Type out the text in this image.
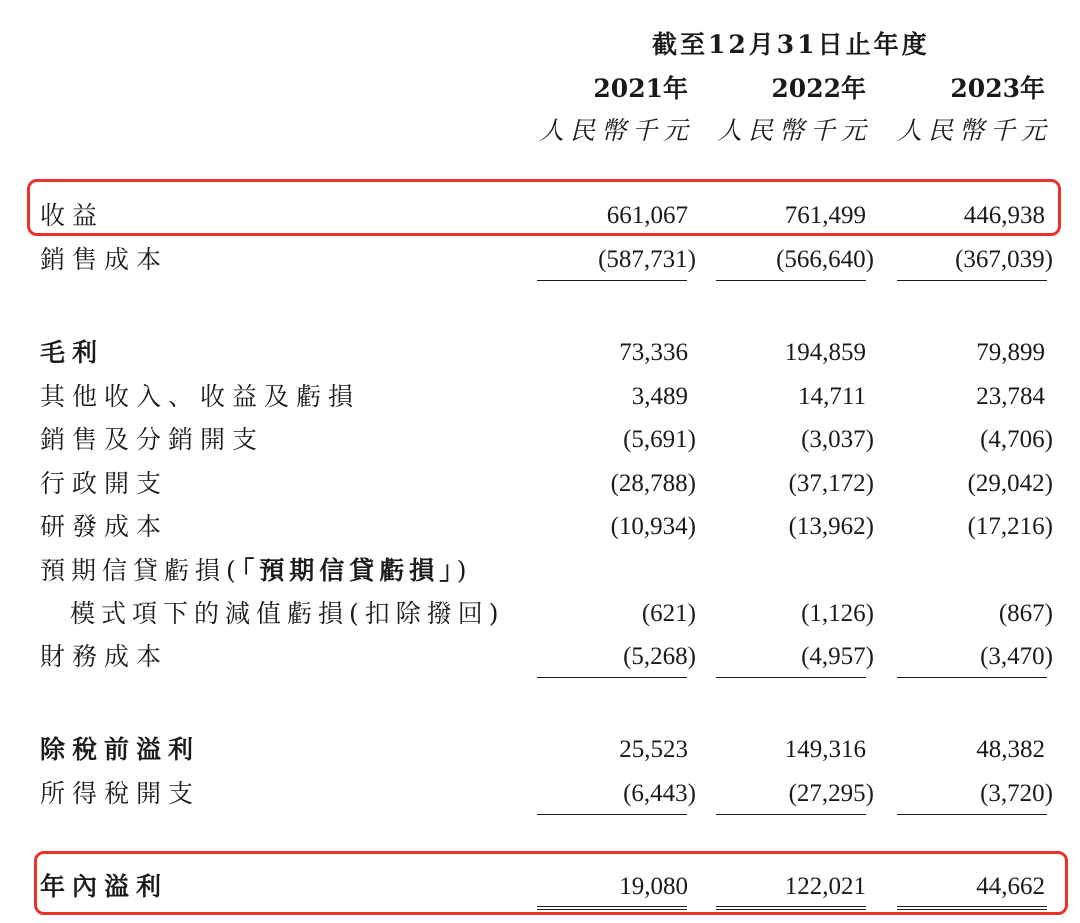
截至12月31日止年度
2021年	2022年	2023年
人民幣千元 人民幣千元 人民幣千元
收益	661,067	761,499	446,938
銷售成本	(587,731)	(566,640)	(367,039)
毛利	73,336	194,859	79,899
其他收入、收益及虧損	3,489	14,711	23,784
銷售及分銷開支	(5,691)	(3,037)	(4,706)
行政開支	(28,788)	(37,172)	(29,042)
研發成本	(10,934)	(13,962)	(17,216)
預期信貸虧損(「預期信貸虧損」)
模式項下的減值虧損(扣除撥回)	(621)	(1,126)	(867)
財務成本	(5,268)	(4,957)	(3,470)
除稅前溢利	25,523	149,316	48,382
所得稅開支	(6,443)	(27,295)	(3,720)
年內溢利	19,080	122,021	44,662
